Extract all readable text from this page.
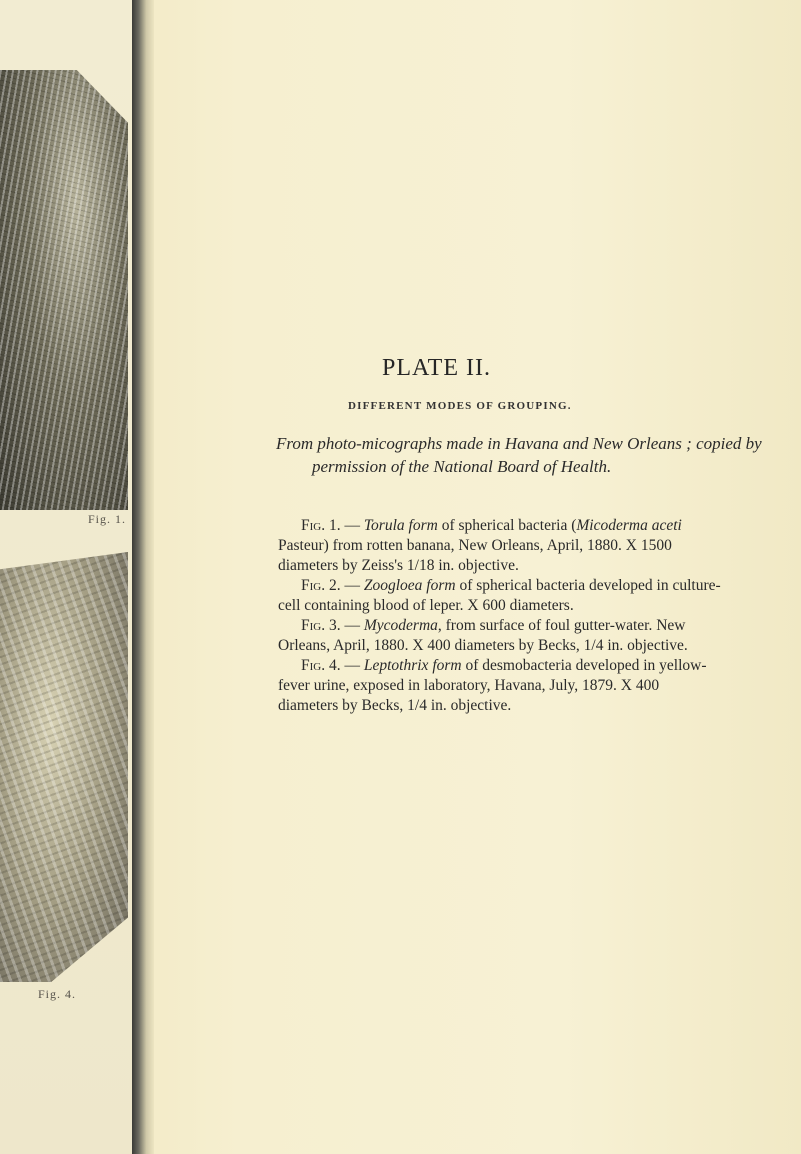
Fig. 1.
Fig. 4.
PLATE II.
DIFFERENT MODES OF GROUPING.
From photo-micographs made in Havana and New Orleans ; copied by
permission of the National Board of Health.
Fig. 1. — Torula form of spherical bacteria (Micoderma aceti
Pasteur) from rotten banana, New Orleans, April, 1880. X 1500
diameters by Zeiss's 1/18 in. objective.
Fig. 2. — Zoogloea form of spherical bacteria developed in culture-
cell containing blood of leper. X 600 diameters.
Fig. 3. — Mycoderma, from surface of foul gutter-water. New
Orleans, April, 1880. X 400 diameters by Becks, 1/4 in. objective.
Fig. 4. — Leptothrix form of desmobacteria developed in yellow-
fever urine, exposed in laboratory, Havana, July, 1879. X 400
diameters by Becks, 1/4 in. objective.
